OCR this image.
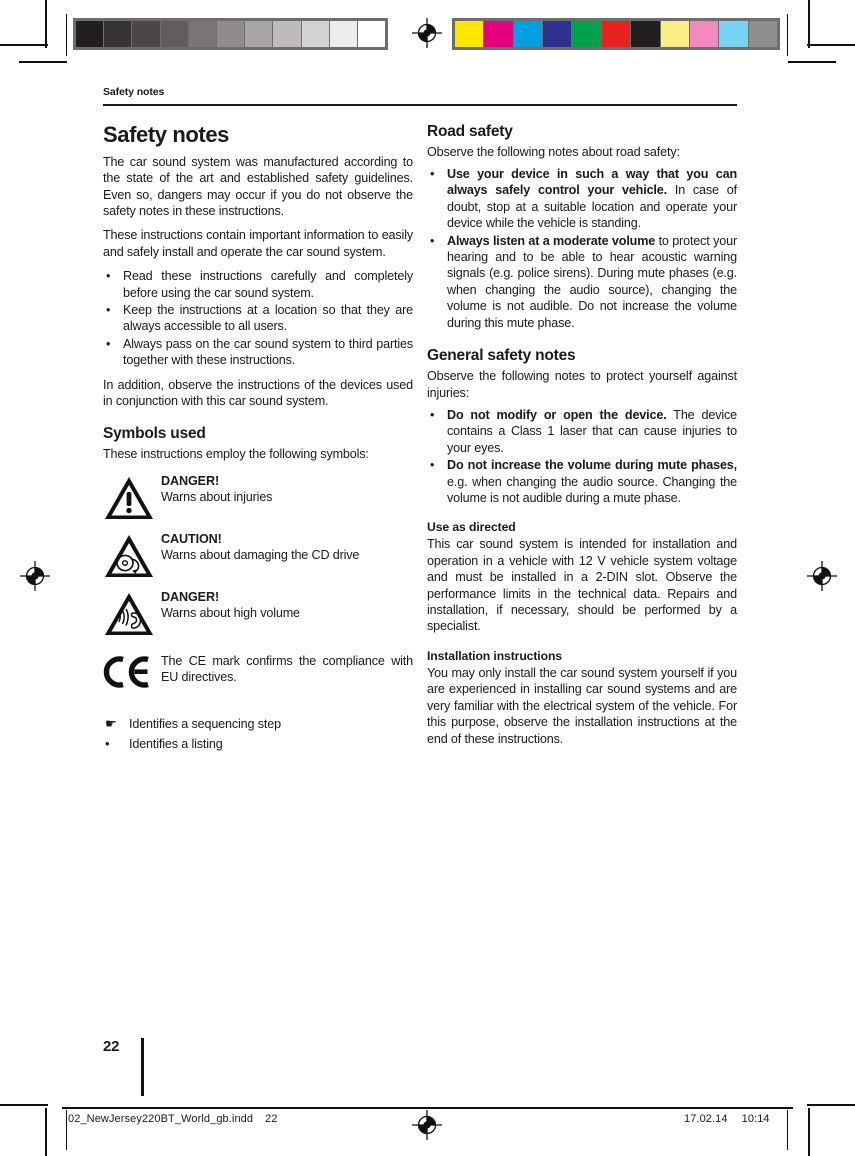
Safety notes
Safety notes

The car sound system was manufactured according to the state of the art and established safety guidelines. Even so, dangers may occur if you do not observe the safety notes in these instructions.

These instructions contain important information to easily and safely install and operate the car sound system.

• Read these instructions carefully and completely before using the car sound system.
• Keep the instructions at a location so that they are always accessible to all users.
• Always pass on the car sound system to third parties together with these instructions.

In addition, observe the instructions of the devices used in conjunction with this car sound system.

Symbols used

These instructions employ the following symbols:

DANGER!
Warns about injuries
CAUTION!
Warns about damaging the CD drive
DANGER!
Warns about high volume
The CE mark confirms the compliance with EU directives.
☛ Identifies a sequencing step
•	Identifies a listing
Road safety

Observe the following notes about road safety:

• Use your device in such a way that you can always safely control your vehicle. In case of doubt, stop at a suitable location and operate your device while the vehicle is standing.
• Always listen at a moderate volume to protect your hearing and to be able to hear acoustic warning signals (e.g. police sirens). During mute phases (e.g. when changing the audio source), changing the volume is not audible. Do not increase the volume during this mute phase.
General safety notes

Observe the following notes to protect yourself against injuries:

• Do not modify or open the device. The device contains a Class 1 laser that can cause injuries to your eyes.
• Do not increase the volume during mute phases, e.g. when changing the audio source. Changing the volume is not audible during a mute phase.
Use as directed

This car sound system is intended for installation and operation in a vehicle with 12 V vehicle system voltage and must be installed in a 2-DIN slot. Observe the performance limits in the technical data. Repairs and installation, if necessary, should be performed by a specialist.

Installation instructions

You may only install the car sound system yourself if you are experienced in installing car sound systems and are very familiar with the electrical system of the vehicle. For this purpose, observe the installation instructions at the end of these instructions.

22
02_NewJersey220BT_World_gb.indd 22	17.02.14 10:14
